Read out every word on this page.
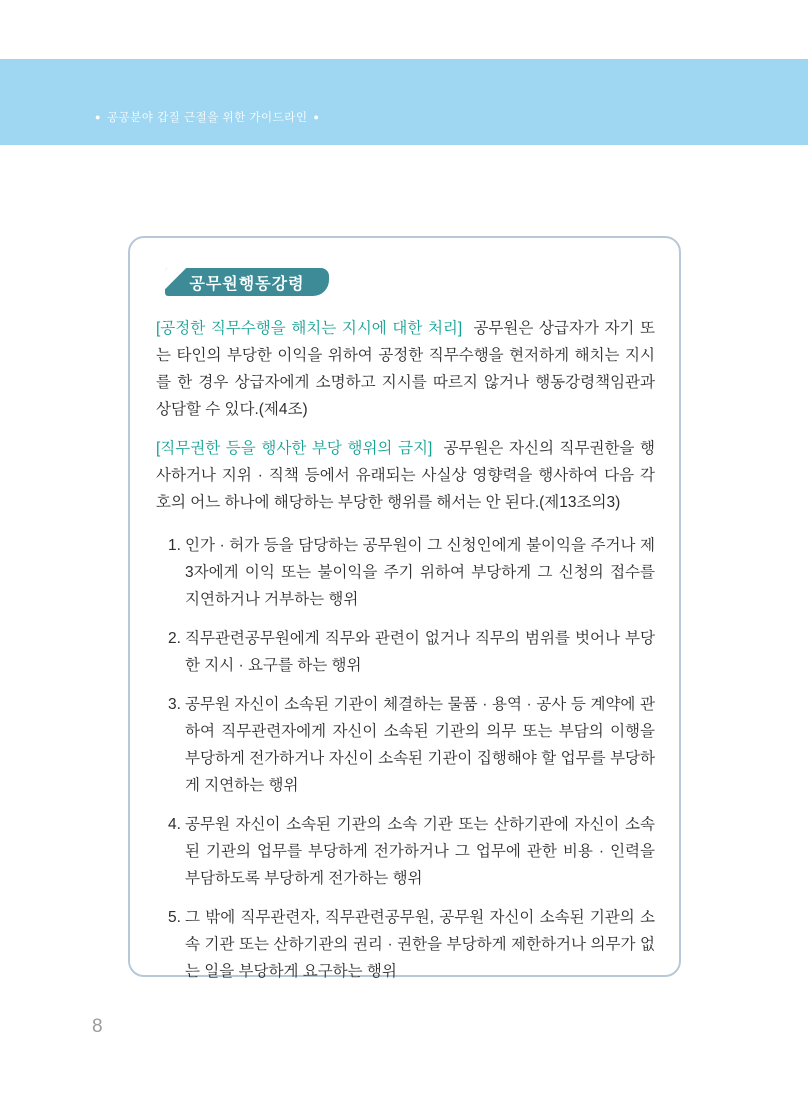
● 공공분야 갑질 근절을 위한 가이드라인 ●
공무원행동강령

[공정한 직무수행을 해치는 지시에 대한 처리] 공무원은 상급자가 자기 또는 타인의 부당한 이익을 위하여 공정한 직무수행을 현저하게 해치는 지시를 한 경우 상급자에게 소명하고 지시를 따르지 않거나 행동강령책임관과 상담할 수 있다.(제4조)

[직무권한 등을 행사한 부당 행위의 금지] 공무원은 자신의 직무권한을 행사하거나 지위 · 직책 등에서 유래되는 사실상 영향력을 행사하여 다음 각 호의 어느 하나에 해당하는 부당한 행위를 해서는 안 된다.(제13조의3)

1. 인가 · 허가 등을 담당하는 공무원이 그 신청인에게 불이익을 주거나 제3자에게 이익 또는 불이익을 주기 위하여 부당하게 그 신청의 접수를 지연하거나 거부하는 행위
2. 직무관련공무원에게 직무와 관련이 없거나 직무의 범위를 벗어나 부당한 지시 · 요구를 하는 행위
3. 공무원 자신이 소속된 기관이 체결하는 물품 · 용역 · 공사 등 계약에 관하여 직무관련자에게 자신이 소속된 기관의 의무 또는 부담의 이행을 부당하게 전가하거나 자신이 소속된 기관이 집행해야 할 업무를 부당하게 지연하는 행위
4. 공무원 자신이 소속된 기관의 소속 기관 또는 산하기관에 자신이 소속된 기관의 업무를 부당하게 전가하거나 그 업무에 관한 비용 · 인력을 부담하도록 부당하게 전가하는 행위
5. 그 밖에 직무관련자, 직무관련공무원, 공무원 자신이 소속된 기관의 소속 기관 또는 산하기관의 권리 · 권한을 부당하게 제한하거나 의무가 없는 일을 부당하게 요구하는 행위
8
